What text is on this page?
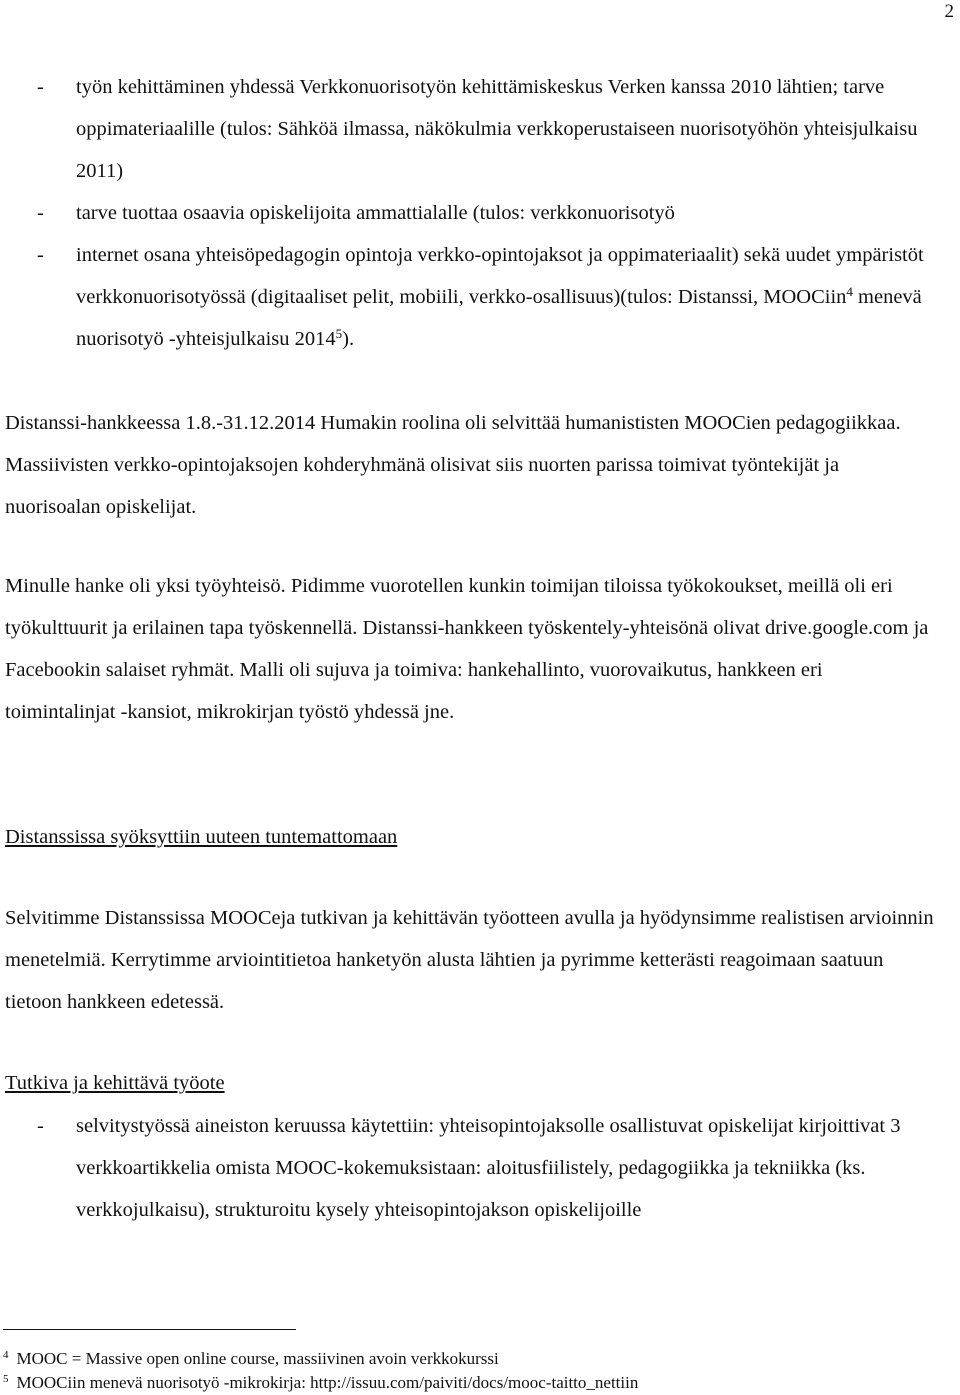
2
- työn kehittäminen yhdessä Verkkonuorisotyön kehittämiskeskus Verken kanssa 2010 lähtien; tarve oppimateriaalille (tulos: Sähköä ilmassa, näkökulmia verkkoperustaiseen nuorisotyöhön yhteisjulkaisu 2011)
- tarve tuottaa osaavia opiskelijoita ammattialalle (tulos: verkkonuorisotyö
- internet osana yhteisöpedagogin opintoja verkko-opintojaksot ja oppimateriaalit) sekä uudet ympäristöt verkkonuorisotyössä (digitaaliset pelit, mobiili, verkko-osallisuus)(tulos: Distanssi, MOOCiin$^4$ menevä nuorisotyö -yhteisjulkaisu 2014$^5$).

Distanssi-hankkeessa 1.8.-31.12.2014 Humakin roolina oli selvittää humanististen MOOCien pedagogiikkaa. Massiivisten verkko-opintojaksojen kohderyhmänä olisivat siis nuorten parissa toimivat työntekijät ja nuorisoalan opiskelijat.

Minulle hanke oli yksi työyhteisö. Pidimme vuorotellen kunkin toimijan tiloissa työkokoukset, meillä oli eri työkulttuurit ja erilainen tapa työskennellä. Distanssi-hankkeen työskentely-yhteisönä olivat drive.google.com ja Facebookin salaiset ryhmät. Malli oli sujuva ja toimiva: hankehallinto, vuorovaikutus, hankkeen eri toimintalinjat -kansiot, mikrokirjan työstö yhdessä jne.

Distanssissa syöksyttiin uuteen tuntemattomaan

Selvitimme Distanssissa MOOCeja tutkivan ja kehittävän työotteen avulla ja hyödynsimme realistisen arvioinnin menetelmiä. Kerrytimme arviointitietoa hanketyön alusta lähtien ja pyrimme ketterästi reagoimaan saatuun tietoon hankkeen edetessä.

Tutkiva ja kehittävä työote

- selvitystyössä aineiston keruussa käytettiin: yhteisopintojaksolle osallistuvat opiskelijat kirjoittivat 3 verkkoartikkelia omista MOOC-kokemuksistaan: aloitusfiilistely, pedagogiikka ja tekniikka (ks. verkkojulkaisu), strukturoitu kysely yhteisopintojakson opiskelijoille
$^4$ MOOC = Massive open online course, massiivinen avoin verkkokurssi
$^5$ MOOCiin menevä nuorisotyö -mikrokirja: http://issuu.com/paiviti/docs/mooc-taitto_nettiin
